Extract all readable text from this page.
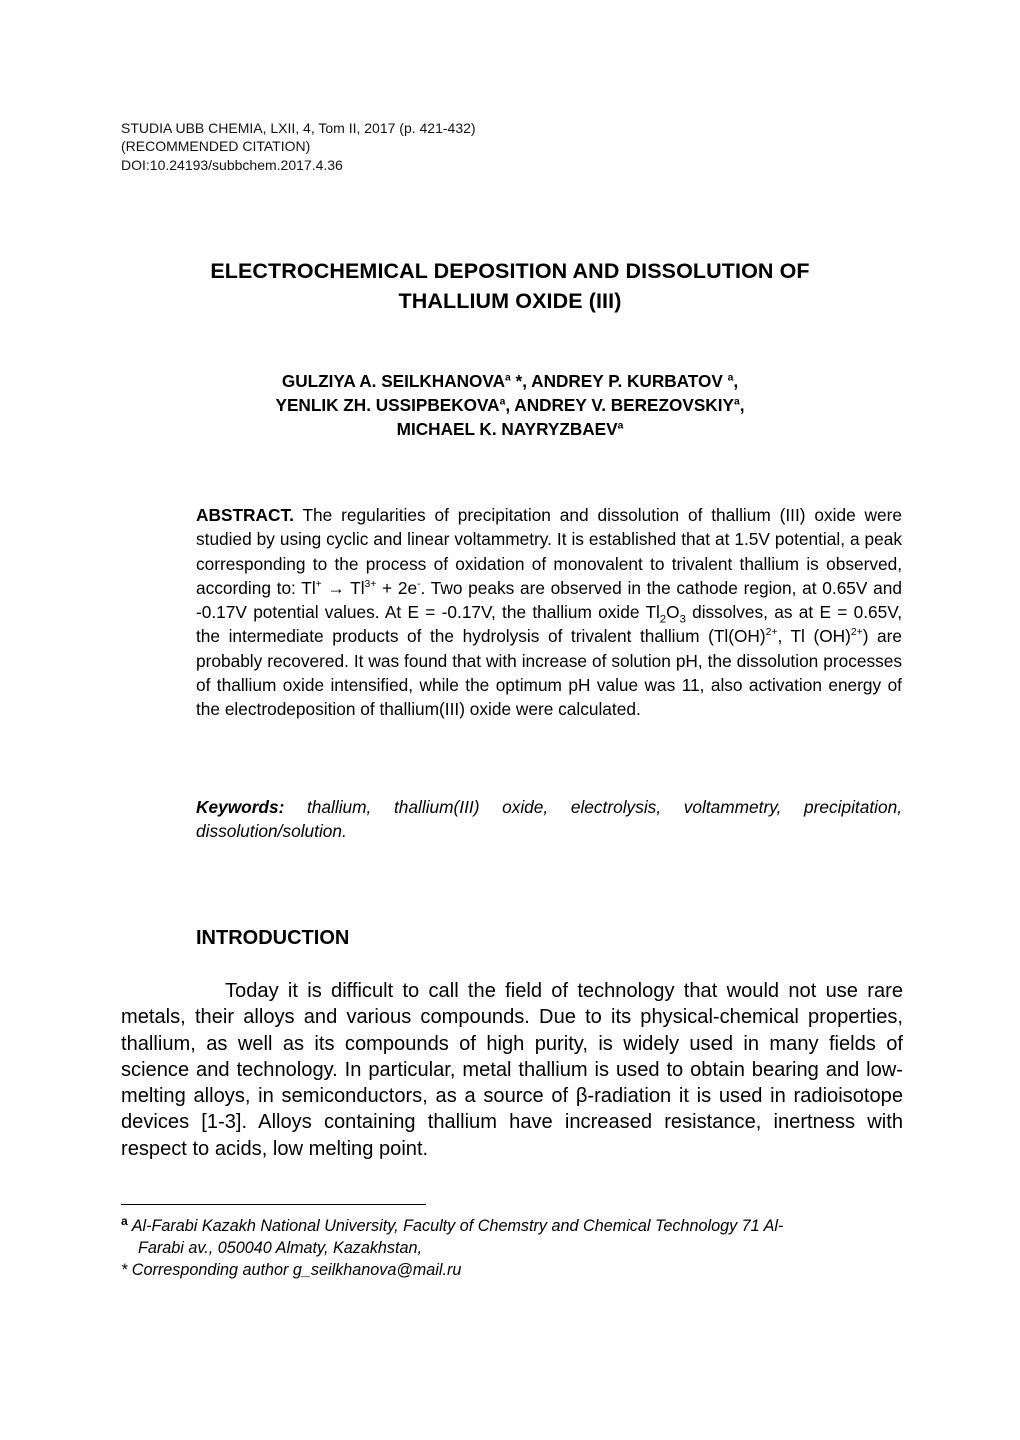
STUDIA UBB CHEMIA, LXII, 4, Tom II, 2017 (p. 421-432)
(RECOMMENDED CITATION)
DOI:10.24193/subbchem.2017.4.36
ELECTROCHEMICAL DEPOSITION AND DISSOLUTION OF
THALLIUM OXIDE (III)
GULZIYA A. SEILKHANOVA$^a$ *, ANDREY P. KURBATOV $^a$,
YENLIK ZH. USSIPBEKOVA$^a$, ANDREY V. BEREZOVSKIY$^a$,
MICHAEL K. NAYRYZBAEV$^a$
ABSTRACT. The regularities of precipitation and dissolution of thallium (III) oxide were studied by using cyclic and linear voltammetry. It is established that at 1.5V potential, a peak corresponding to the process of oxidation of monovalent to trivalent thallium is observed, according to: $Tl^+ \to Tl^{3+} + 2e^-$. Two peaks are observed in the cathode region, at 0.65V and -0.17V potential values. At E = -0.17V, the thallium oxide $Tl_2O_3$ dissolves, as at E = 0.65V, the intermediate products of the hydrolysis of trivalent thallium (Tl(OH)$^{2+}$, Tl (OH)$^{2+}$) are probably recovered. It was found that with increase of solution pH, the dissolution processes of thallium oxide intensified, while the optimum pH value was 11, also activation energy of the electrodeposition of thallium(III) oxide were calculated.
Keywords: thallium, thallium(III) oxide, electrolysis, voltammetry, precipitation, dissolution/solution.
INTRODUCTION
Today it is difficult to call the field of technology that would not use rare metals, their alloys and various compounds. Due to its physical-chemical properties, thallium, as well as its compounds of high purity, is widely used in many fields of science and technology. In particular, metal thallium is used to obtain bearing and low-melting alloys, in semiconductors, as a source of β-radiation it is used in radioisotope devices [1-3]. Alloys containing thallium have increased resistance, inertness with respect to acids, low melting point.
$^a$ Al-Farabi Kazakh National University, Faculty of Chemstry and Chemical Technology 71 Al-
Farabi av., 050040 Almaty, Kazakhstan,
* Corresponding author g_seilkhanova@mail.ru
